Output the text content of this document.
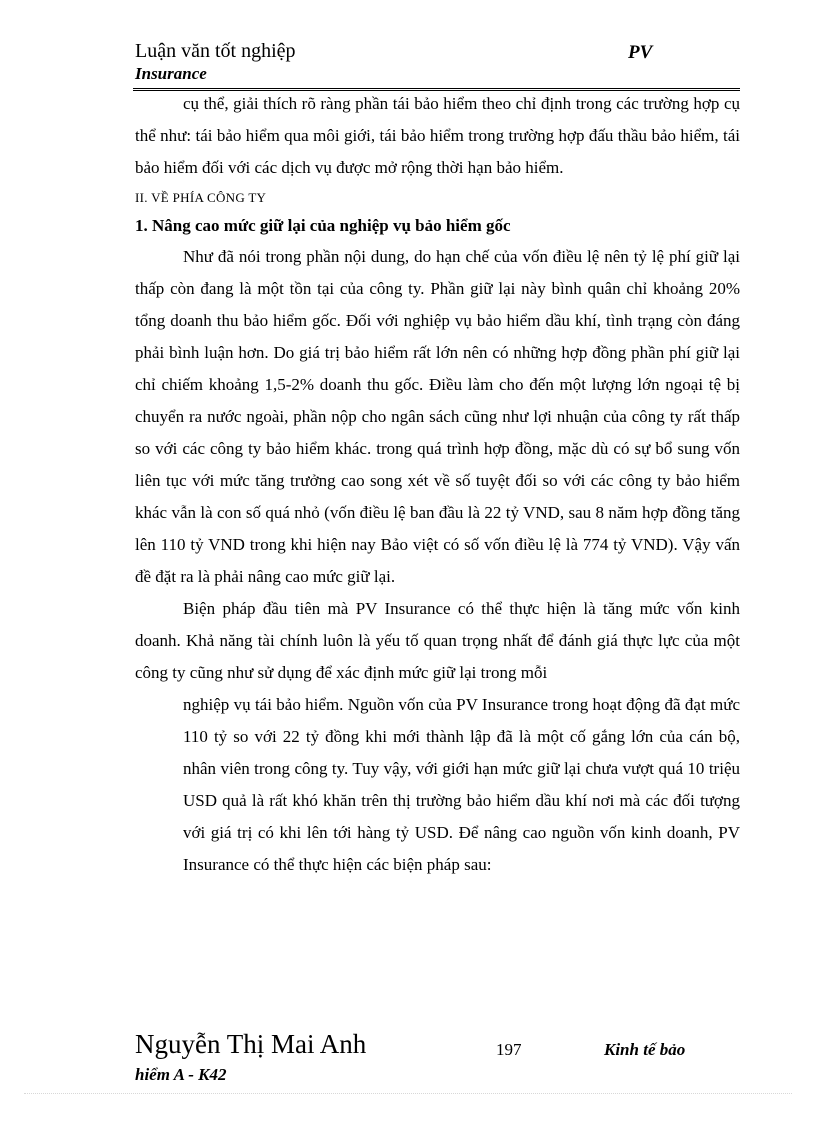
Luận văn tốt nghiệp	PV
Insurance

cụ thể, giải thích rõ ràng phần tái bảo hiểm theo chỉ định trong các trường hợp cụ thể như: tái bảo hiểm qua môi giới, tái bảo hiểm trong trường hợp đấu thầu bảo hiểm, tái bảo hiểm đối với các dịch vụ được mở rộng thời hạn bảo hiểm.

II. VỀ PHÍA CÔNG TY

1. Nâng cao mức giữ lại của nghiệp vụ bảo hiểm gốc

Như đã nói trong phần nội dung, do hạn chế của vốn điều lệ nên tỷ lệ phí giữ lại thấp còn đang là một tồn tại của công ty. Phần giữ lại này bình quân chỉ khoảng 20% tổng doanh thu bảo hiểm gốc. Đối với nghiệp vụ bảo hiểm dầu khí, tình trạng còn đáng phải bình luận hơn. Do giá trị bảo hiểm rất lớn nên có những hợp đồng phần phí giữ lại chỉ chiếm khoảng 1,5-2% doanh thu gốc. Điều làm cho đến một lượng lớn ngoại tệ bị chuyển ra nước ngoài, phần nộp cho ngân sách cũng như lợi nhuận của công ty rất thấp so với các công ty bảo hiểm khác. trong quá trình hợp đồng, mặc dù có sự bổ sung vốn liên tục với mức tăng trưởng cao song xét về số tuyệt đối so với các công ty bảo hiểm khác vẫn là con số quá nhỏ (vốn điều lệ ban đầu là 22 tỷ VND, sau 8 năm hợp đồng tăng lên 110 tỷ VND trong khi hiện nay Bảo việt có số vốn điều lệ là 774 tỷ VND). Vậy vấn đề đặt ra là phải nâng cao mức giữ lại.

Biện pháp đầu tiên mà PV Insurance có thể thực hiện là tăng mức vốn kinh doanh. Khả năng tài chính luôn là yếu tố quan trọng nhất để đánh giá thực lực của một công ty cũng như sử dụng để xác định mức giữ lại trong mỗi

nghiệp vụ tái bảo hiểm. Nguồn vốn của PV Insurance trong hoạt động đã đạt mức 110 tỷ so với 22 tỷ đồng khi mới thành lập đã là một cố gắng lớn của cán bộ, nhân viên trong công ty. Tuy vậy, với giới hạn mức giữ lại chưa vượt quá 10 triệu USD quả là rất khó khăn trên thị trường bảo hiểm dầu khí nơi mà các đối tượng với giá trị có khi lên tới hàng tỷ USD. Để nâng cao nguồn vốn kinh doanh, PV Insurance có thể thực hiện các biện pháp sau:

Nguyễn Thị Mai Anh	197	Kinh tế bảo
hiểm A - K42
